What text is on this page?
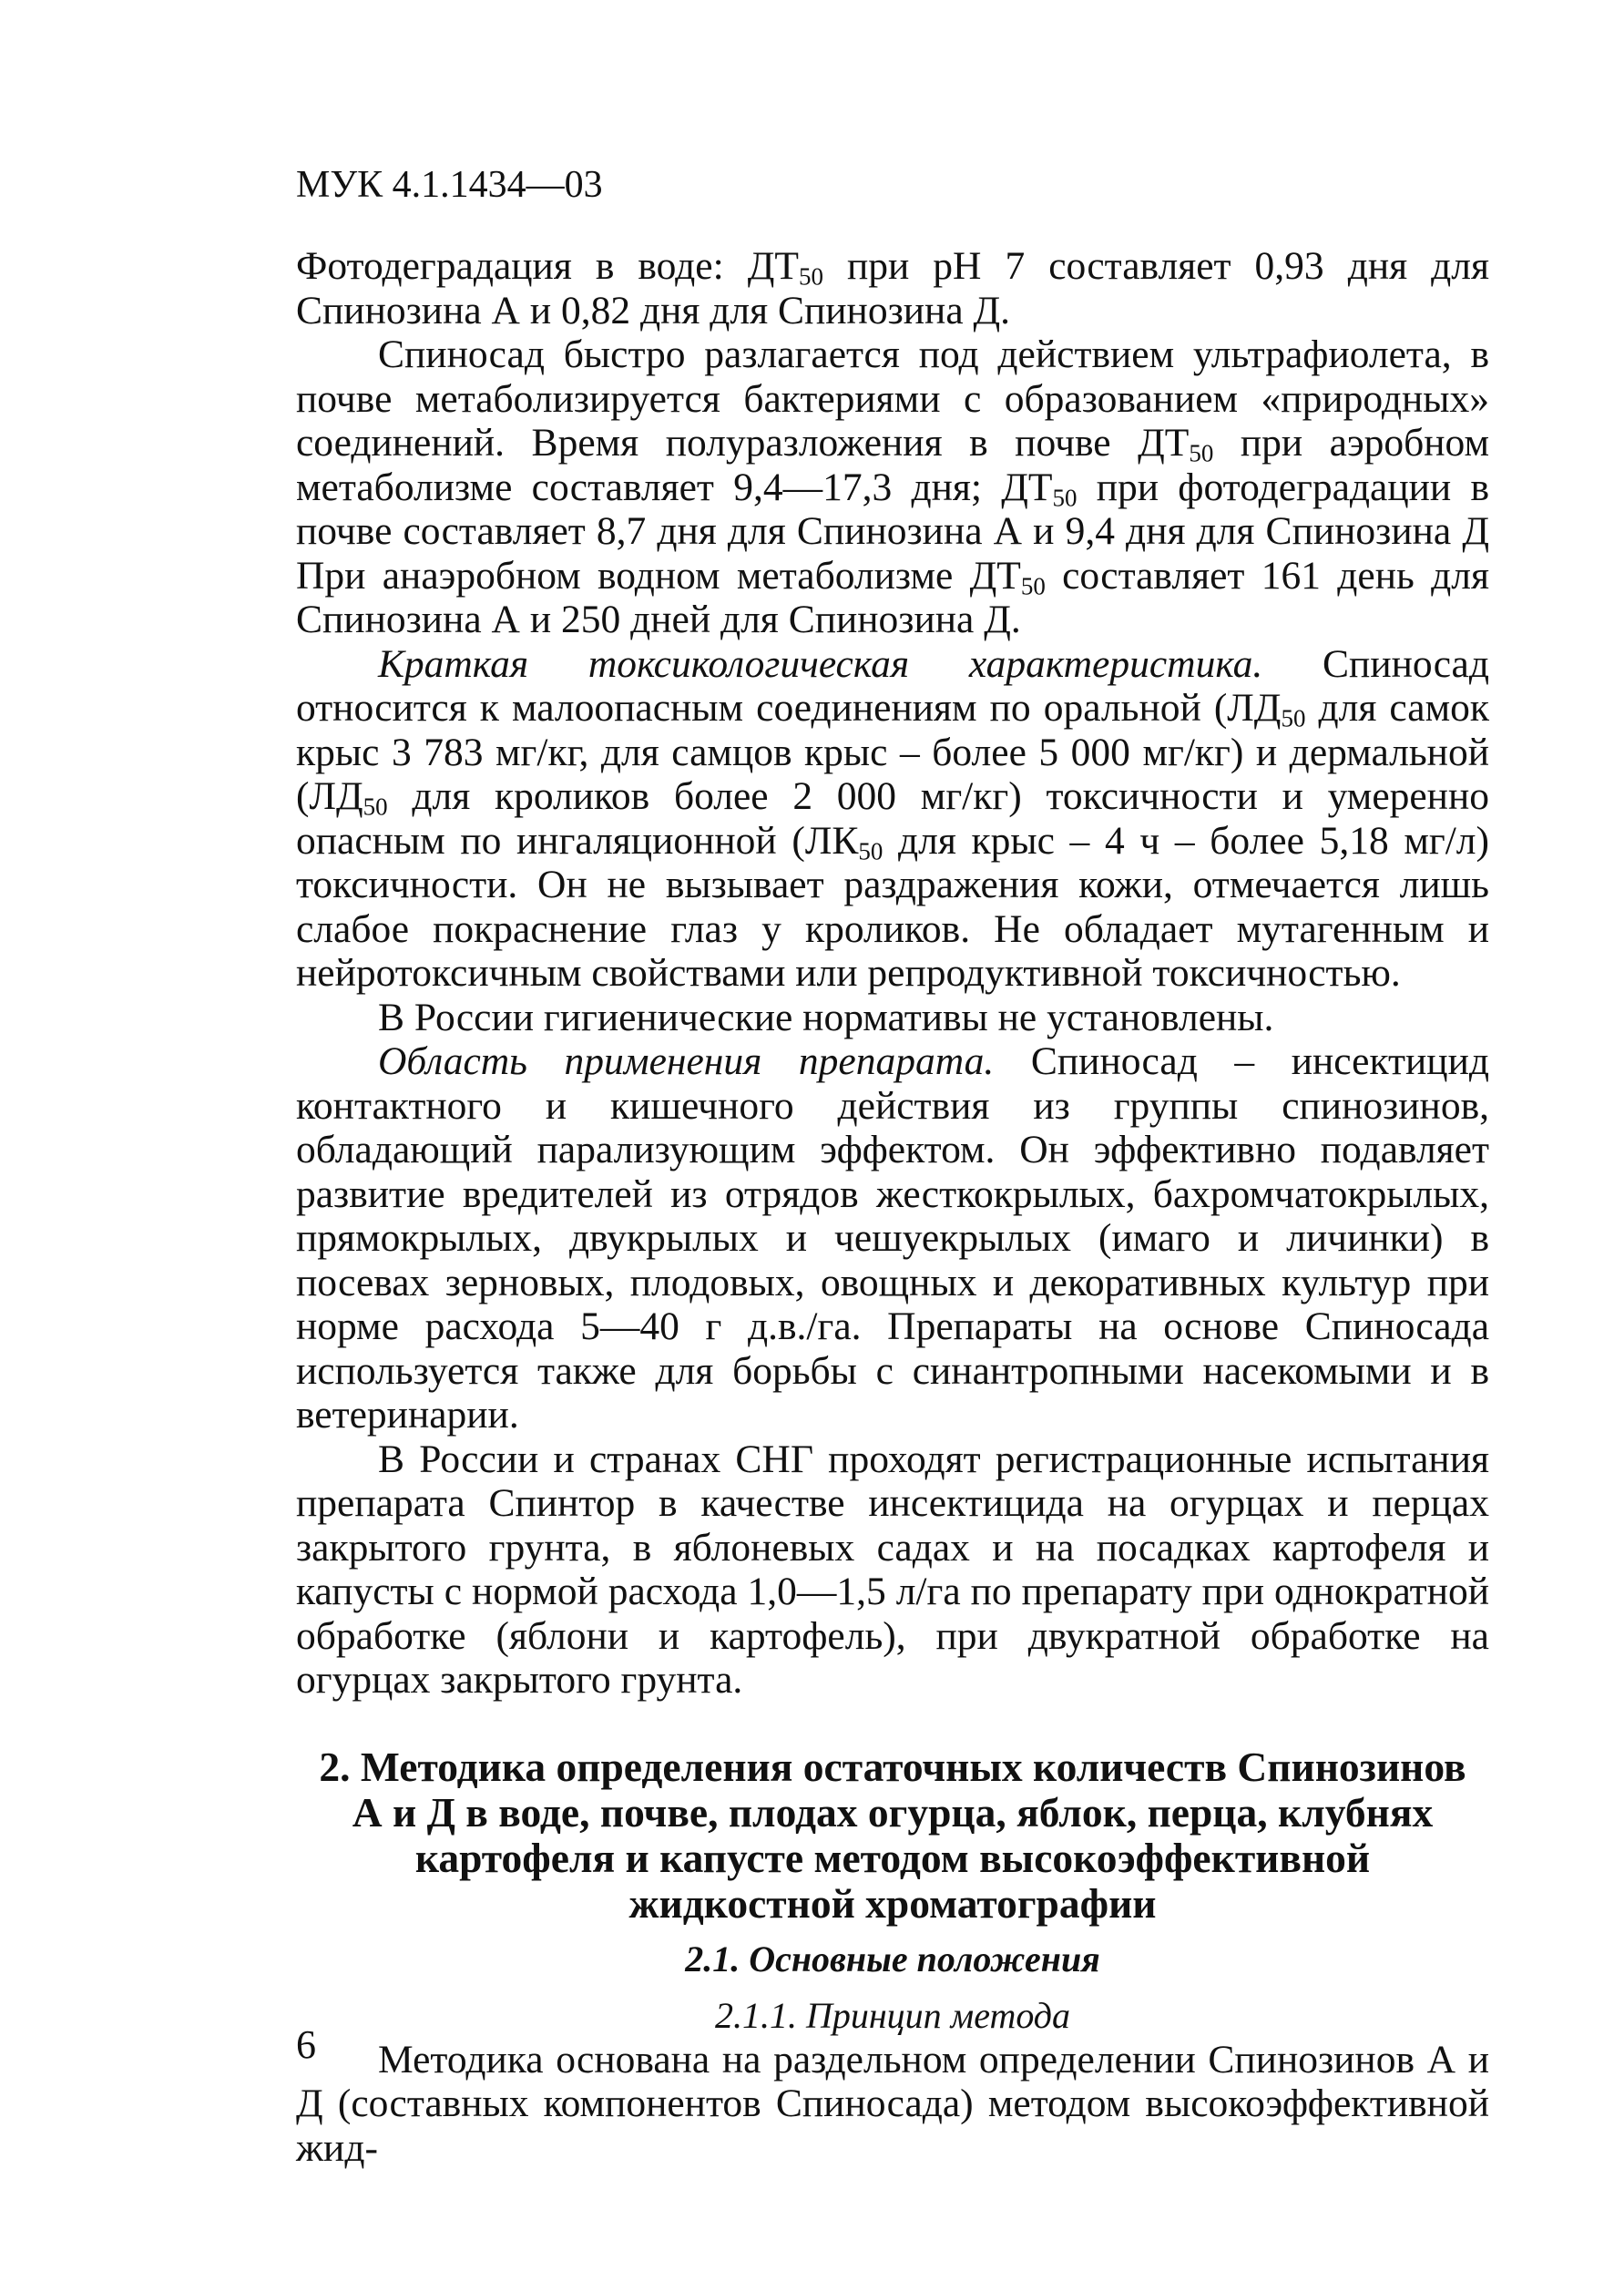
МУК 4.1.1434—03

Фотодеградация в воде: $ДТ_{50}$ при рН 7 составляет 0,93 дня для Спинозина А и 0,82 дня для Спинозина Д.

Спиносад быстро разлагается под действием ультрафиолета, в почве метаболизируется бактериями с образованием «природных» соединений. Время полуразложения в почве $ДТ_{50}$ при аэробном метаболизме составляет 9,4—17,3 дня; $ДТ_{50}$ при фотодеградации в почве составляет 8,7 дня для Спинозина А и 9,4 дня для Спинозина Д При анаэробном водном метаболизме $ДТ_{50}$ составляет 161 день для Спинозина А и 250 дней для Спинозина Д.

Краткая токсикологическая характеристика. Спиносад относится к малоопасным соединениям по оральной ($ЛД_{50}$ для самок крыс 3 783 мг/кг, для самцов крыс – более 5 000 мг/кг) и дермальной ($ЛД_{50}$ для кроликов более 2 000 мг/кг) токсичности и умеренно опасным по ингаляционной ($ЛК_{50}$ для крыс – 4 ч – более 5,18 мг/л) токсичности. Он не вызывает раздражения кожи, отмечается лишь слабое покраснение глаз у кроликов. Не обладает мутагенным и нейротоксичным свойствами или репродуктивной токсичностью.

В России гигиенические нормативы не установлены.

Область применения препарата. Спиносад – инсектицид контактного и кишечного действия из группы спинозинов, обладающий парализующим эффектом. Он эффективно подавляет развитие вредителей из отрядов жесткокрылых, бахромчатокрылых, прямокрылых, двукрылых и чешуекрылых (имаго и личинки) в посевах зерновых, плодовых, овощных и декоративных культур при норме расхода 5—40 г д.в./га. Препараты на основе Спиносада используется также для борьбы с синантропными насекомыми и в ветеринарии.

В России и странах СНГ проходят регистрационные испытания препарата Спинтор в качестве инсектицида на огурцах и перцах закрытого грунта, в яблоневых садах и на посадках картофеля и капусты с нормой расхода 1,0—1,5 л/га по препарату при однократной обработке (яблони и картофель), при двукратной обработке на огурцах закрытого грунта.

2. Методика определения остаточных количеств Спинозинов
А и Д в воде, почве, плодах огурца, яблок, перца, клубнях
картофеля и капусте методом высокоэффективной
жидкостной хроматографии
2.1. Основные положения
2.1.1. Принцип метода

Методика основана на раздельном определении Спинозинов А и Д (составных компонентов Спиносада) методом высокоэффективной жид-

6
